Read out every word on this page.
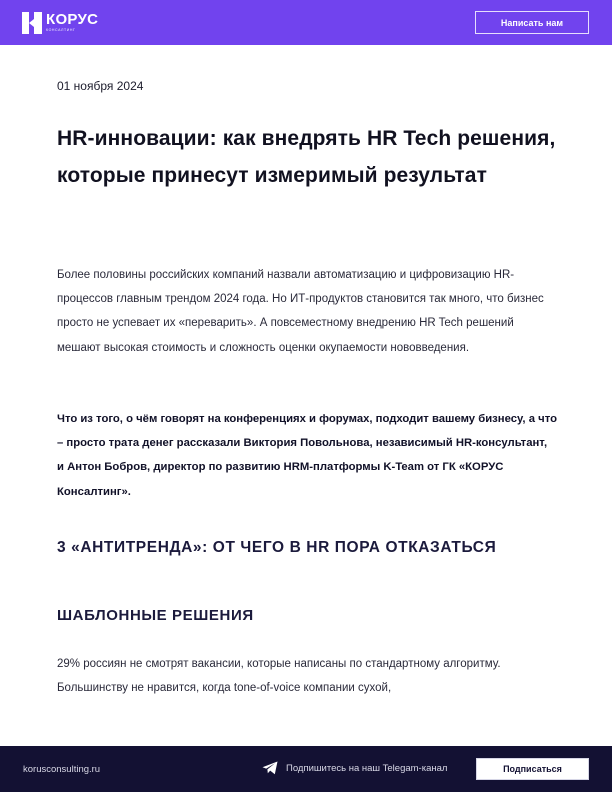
КОРУС
КОНСАЛТИНГ
Написать нам
01 ноября 2024
HR-инновации: как внедрять HR Tech решения, которые принесут измеримый результат

Более половины российских компаний назвали автоматизацию и цифровизацию HR-процессов главным трендом 2024 года. Но ИТ-продуктов становится так много, что бизнес просто не успевает их «переварить». А повсеместному внедрению HR Tech решений мешают высокая стоимость и сложность оценки окупаемости нововведения.

Что из того, о чём говорят на конференциях и форумах, подходит вашему бизнесу, а что – просто трата денег рассказали Виктория Повольнова, независимый HR-консультант, и Антон Бобров, директор по развитию HRM-платформы K-Team от ГК «КОРУС Консалтинг».

3 «АНТИТРЕНДА»: ОТ ЧЕГО В HR ПОРА ОТКАЗАТЬСЯ
ШАБЛОННЫЕ РЕШЕНИЯ

29% россиян не смотрят вакансии, которые написаны по стандартному алгоритму. Большинству не нравится, когда tone-of-voice компании сухой,

korusconsulting.ru	Подпишитесь на наш Telegam-канал	Подписаться
